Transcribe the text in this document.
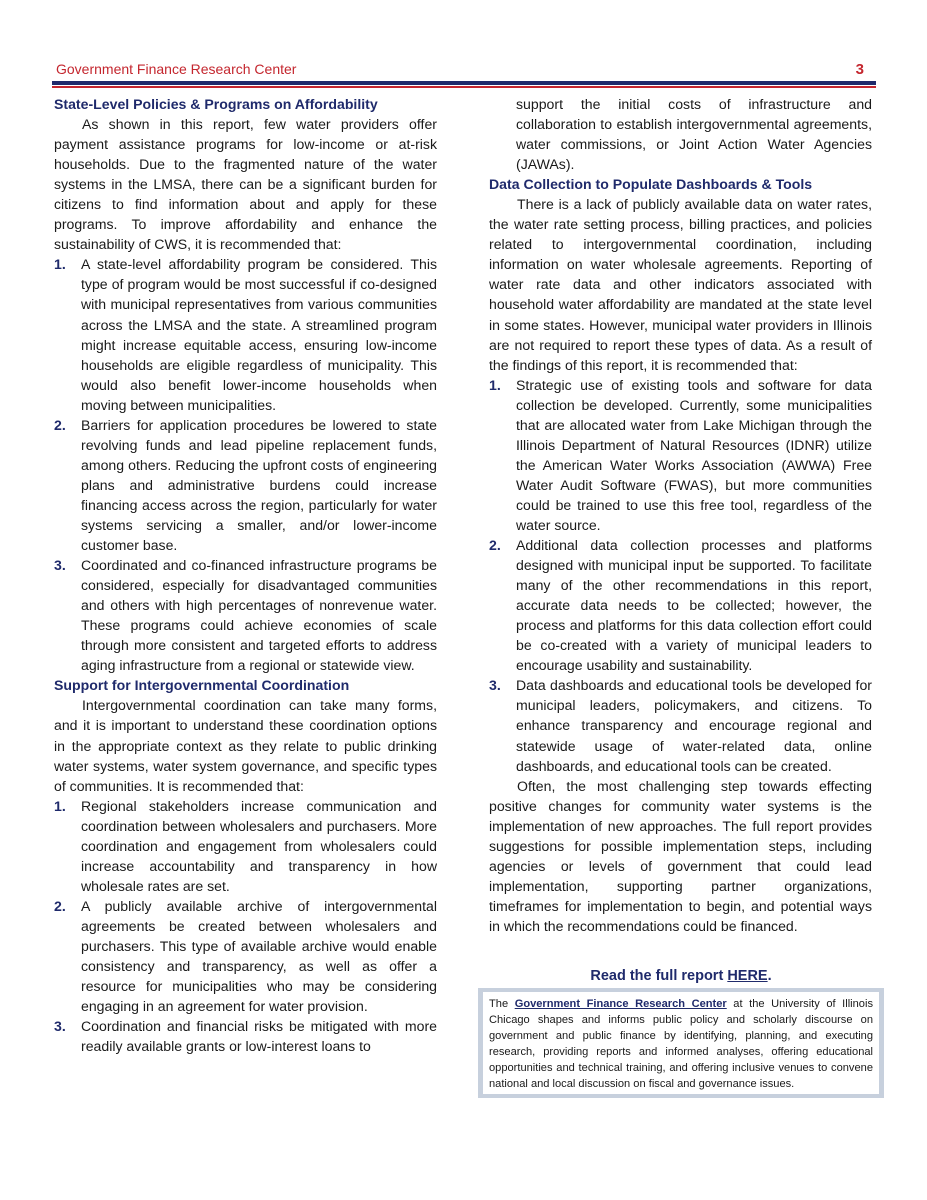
Government Finance Research Center	3
State-Level Policies & Programs on Affordability

As shown in this report, few water providers offer payment assistance programs for low-income or at-risk households. Due to the fragmented nature of the water systems in the LMSA, there can be a significant burden for citizens to find information about and apply for these programs. To improve affordability and enhance the sustainability of CWS, it is recommended that:

1. A state-level affordability program be considered. This type of program would be most successful if co-designed with municipal representatives from various communities across the LMSA and the state. A streamlined program might increase equitable access, ensuring low-income households are eligible regardless of municipality. This would also benefit lower-income households when moving between municipalities.
2. Barriers for application procedures be lowered to state revolving funds and lead pipeline replacement funds, among others. Reducing the upfront costs of engineering plans and administrative burdens could increase financing access across the region, particularly for water systems servicing a smaller, and/or lower-income customer base.
3. Coordinated and co-financed infrastructure programs be considered, especially for disadvantaged communities and others with high percentages of nonrevenue water. These programs could achieve economies of scale through more consistent and targeted efforts to address aging infrastructure from a regional or statewide view.
Support for Intergovernmental Coordination

Intergovernmental coordination can take many forms, and it is important to understand these coordination options in the appropriate context as they relate to public drinking water systems, water system governance, and specific types of communities. It is recommended that:

1. Regional stakeholders increase communication and coordination between wholesalers and purchasers. More coordination and engagement from wholesalers could increase accountability and transparency in how wholesale rates are set.
2. A publicly available archive of intergovernmental agreements be created between wholesalers and purchasers. This type of available archive would enable consistency and transparency, as well as offer a resource for municipalities who may be considering engaging in an agreement for water provision.
3. Coordination and financial risks be mitigated with more readily available grants or low-interest loans to
support the initial costs of infrastructure and collaboration to establish intergovernmental agreements, water commissions, or Joint Action Water Agencies (JAWAs).
Data Collection to Populate Dashboards & Tools

There is a lack of publicly available data on water rates, the water rate setting process, billing practices, and policies related to intergovernmental coordination, including information on water wholesale agreements. Reporting of water rate data and other indicators associated with household water affordability are mandated at the state level in some states. However, municipal water providers in Illinois are not required to report these types of data. As a result of the findings of this report, it is recommended that:

1. Strategic use of existing tools and software for data collection be developed. Currently, some municipalities that are allocated water from Lake Michigan through the Illinois Department of Natural Resources (IDNR) utilize the American Water Works Association (AWWA) Free Water Audit Software (FWAS), but more communities could be trained to use this free tool, regardless of the water source.
2. Additional data collection processes and platforms designed with municipal input be supported. To facilitate many of the other recommendations in this report, accurate data needs to be collected; however, the process and platforms for this data collection effort could be co-created with a variety of municipal leaders to encourage usability and sustainability.
3. Data dashboards and educational tools be developed for municipal leaders, policymakers, and citizens. To enhance transparency and encourage regional and statewide usage of water-related data, online dashboards, and educational tools can be created.

Often, the most challenging step towards effecting positive changes for community water systems is the implementation of new approaches. The full report provides suggestions for possible implementation steps, including agencies or levels of government that could lead implementation, supporting partner organizations, timeframes for implementation to begin, and potential ways in which the recommendations could be financed.

Read the full report HERE.
The Government Finance Research Center at the University of Illinois Chicago shapes and informs public policy and scholarly discourse on government and public finance by identifying, planning, and executing research, providing reports and informed analyses, offering educational opportunities and technical training, and offering inclusive venues to convene national and local discussion on fiscal and governance issues.
